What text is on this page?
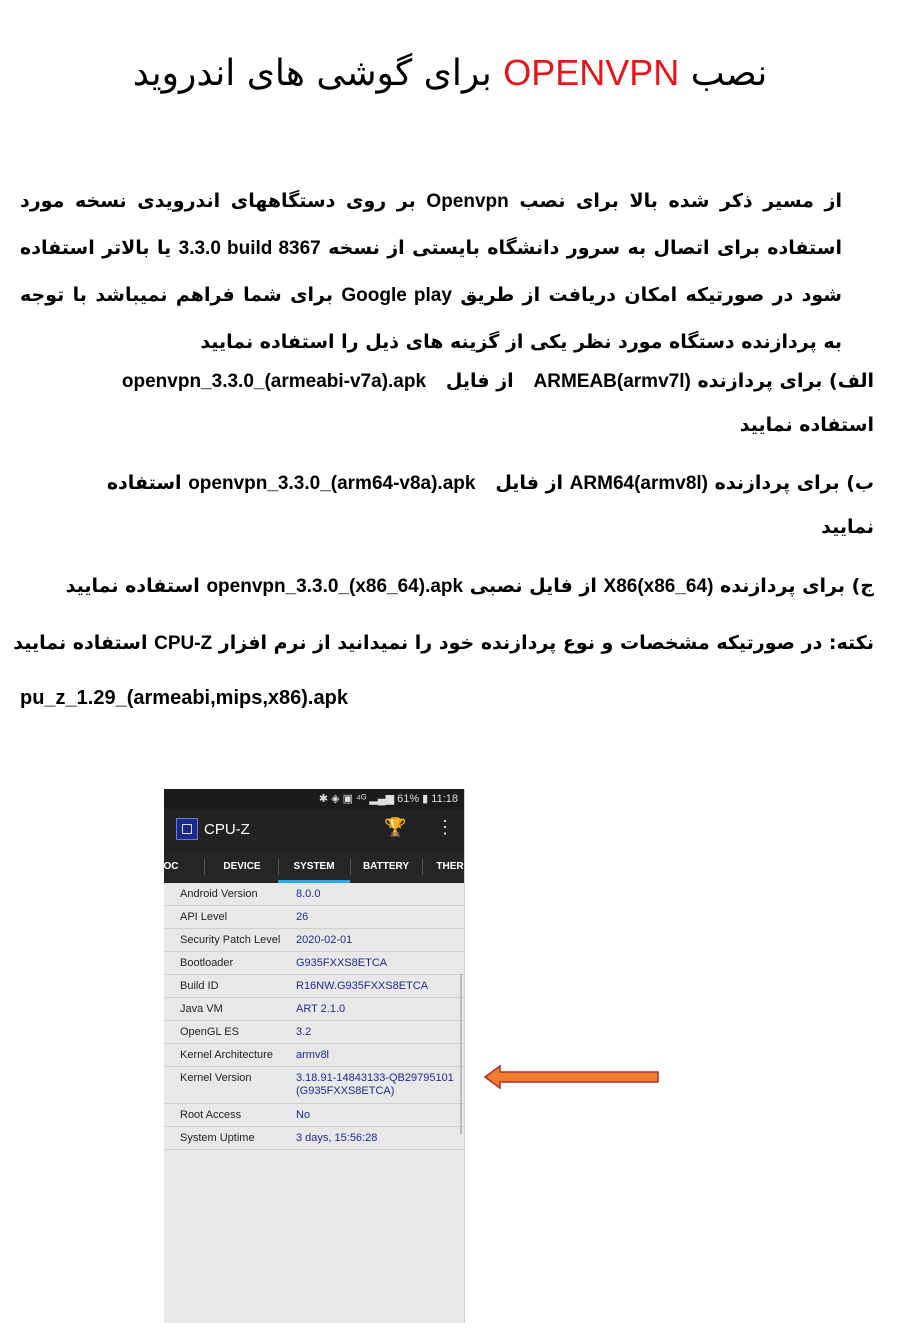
نصب OPENVPN برای گوشی های اندروید
از مسیر ذکر شده بالا برای نصب Openvpn بر روی دستگاههای اندرویدی نسخه مورد استفاده برای اتصال به سرور دانشگاه بایستی از نسخه 3.3.0 build 8367 یا بالاتر استفاده شود در صورتیکه امکان دریافت از طریق Google play برای شما فراهم نمیباشد با توجه به پردازنده دستگاه مورد نظر یکی از گزینه های ذیل را استفاده نمایید
الف) برای پردازنده ARMEAB(armv7l)   از فایل   openvpn_3.3.0_(armeabi-v7a).apk
استفاده نمایید
ب) برای پردازنده ARM64(armv8l) از فایل   openvpn_3.3.0_(arm64-v8a).apk استفاده
نمایید
ج) برای پردازنده X86(x86_64) از فایل نصبی openvpn_3.3.0_(x86_64).apk استفاده نمایید
نکته: در صورتیکه مشخصات و نوع پردازنده خود را نمیدانید از نرم افزار CPU-Z استفاده نمایید
pu_z_1.29_(armeabi,mips,x86).apk
✱ ◈ ▣ ⁴ᴳ ▂▄▆ 61% ▮ 11:18
CPU-Z	🏆 ⋮
OC	DEVICE	SYSTEM	BATTERY	THER
Android Version	8.0.0
API Level	26
Security Patch Level 2020-02-01
Bootloader	G935FXXS8ETCA
Build ID	R16NW.G935FXXS8ETCA
Java VM	ART 2.1.0
OpenGL ES	3.2
Kernel Architecture armv8l
Kernel Version	3.18.91-14843133-QB29795101
(G935FXXS8ETCA)
Root Access	No
System Uptime	3 days, 15:56:28
